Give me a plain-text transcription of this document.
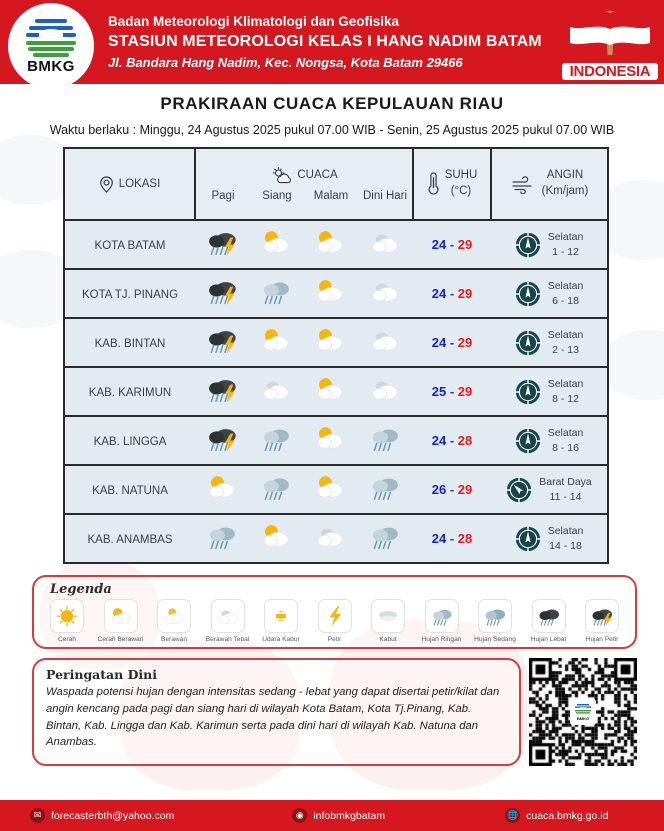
BMKG
Badan Meteorologi Klimatologi dan Geofisika
STASIUN METEOROLOGI KELAS I HANG NADIM BATAM
Jl. Bandara Hang Nadim, Kec. Nongsa, Kota Batam 29466	Dirgahayu Republik
INDONESIA
PRAKIRAAN CUACA KEPULAUAN RIAU
Waktu berlaku : Minggu, 24 Agustus 2025 pukul 07.00 WIB - Senin, 25 Agustus 2025 pukul 07.00 WIB
LOKASI

CUACA
Pagi	Siang	Malam	Dini Hari

SUHU
(°C)

ANGIN
(Km/jam)

KOTA BATAM					24 - 29	Selatan
1 - 12

KOTA TJ. PINANG					24 - 29	Selatan
6 - 18

KAB. BINTAN					24 - 29	Selatan
2 - 13

KAB. KARIMUN					25 - 29	Selatan
8 - 12

KAB. LINGGA					24 - 28	Selatan
8 - 16

KAB. NATUNA					26 - 29	Barat Daya
11 - 14

KAB. ANAMBAS					24 - 28	Selatan
14 - 18
Legenda
Cerah	Cerah Berawan	Berawan	Berawan Tebal Udara Kabur	Petir	Kabut	Hujan Ringan Hujan Sedang Hujan Lebat	Hujan Petir
Peringatan Dini
Waspada potensi hujan dengan intensitas sedang - lebat yang dapat disertai petir/kilat dan angin kencang pada pagi dan siang hari di wilayah Kota Batam, Kota Tj.Pinang, Kab. Bintan, Kab. Lingga dan Kab. Karimun serta pada dini hari di wilayah Kab. Natuna dan Anambas.
BMKG
✉ forecasterbth@yahoo.com	◉ infobmkgbatam	🌐 cuaca.bmkg.go.id
